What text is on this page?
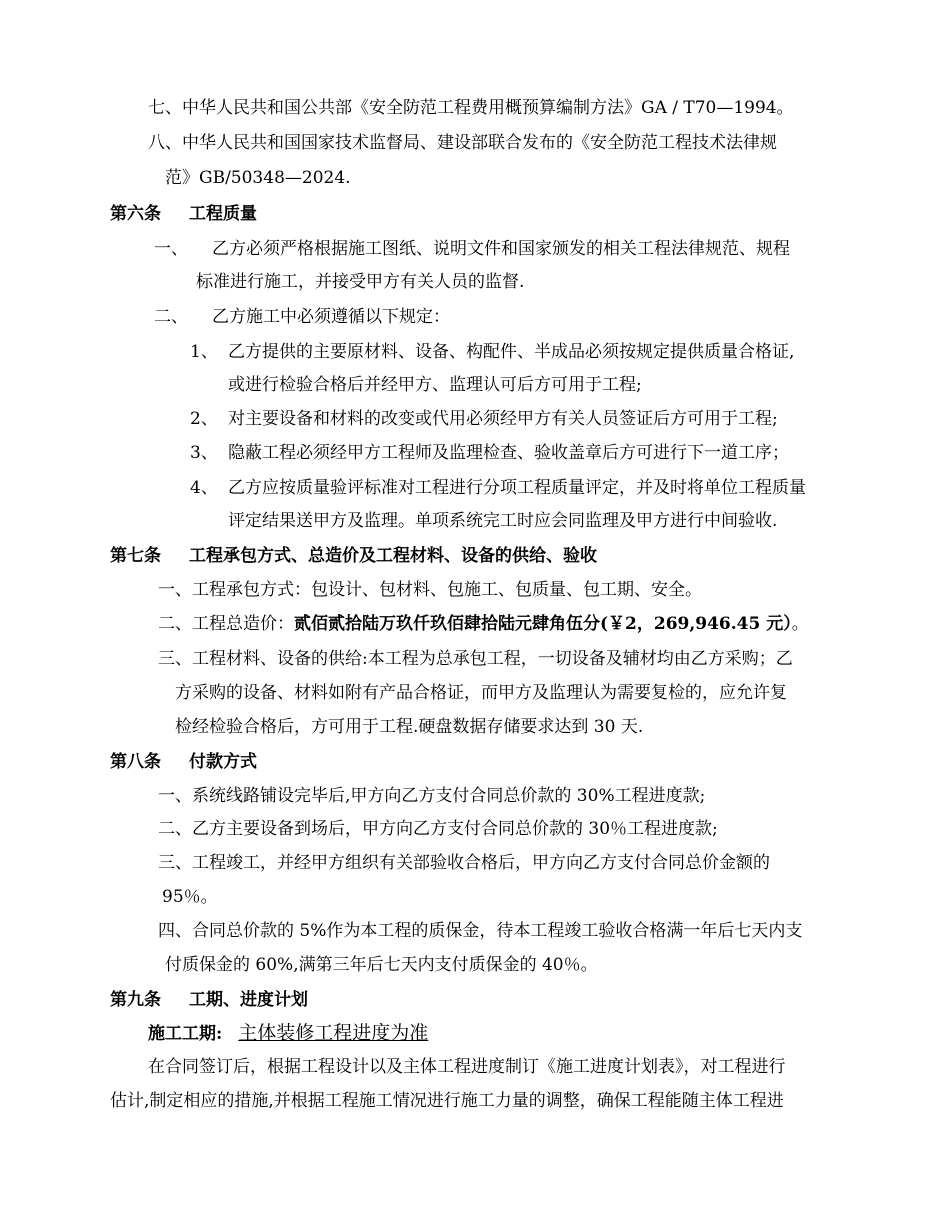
七、中华人民共和国公共部《安全防范工程费用概预算编制方法》GA / T70—1994。
八、中华人民共和国国家技术监督局、建设部联合发布的《安全防范工程技术法律规
范》GB/50348—2024.
第六条 工程质量
一、 乙方必须严格根据施工图纸、说明文件和国家颁发的相关工程法律规范、规程
标准进行施工，并接受甲方有关人员的监督.
二、 乙方施工中必须遵循以下规定：
1、 乙方提供的主要原材料、设备、构配件、半成品必须按规定提供质量合格证,
或进行检验合格后并经甲方、监理认可后方可用于工程;
2、 对主要设备和材料的改变或代用必须经甲方有关人员签证后方可用于工程;
3、 隐蔽工程必须经甲方工程师及监理检查、验收盖章后方可进行下一道工序；
4、 乙方应按质量验评标准对工程进行分项工程质量评定，并及时将单位工程质量
评定结果送甲方及监理。单项系统完工时应会同监理及甲方进行中间验收.
第七条 工程承包方式、总造价及工程材料、设备的供给、验收
一、工程承包方式：包设计、包材料、包施工、包质量、包工期、安全。
二、工程总造价：贰佰贰拾陆万玖仟玖佰肆拾陆元肆角伍分(￥2，269,946.45 元）。
三、工程材料、设备的供给:本工程为总承包工程，一切设备及辅材均由乙方采购；乙
方采购的设备、材料如附有产品合格证，而甲方及监理认为需要复检的，应允许复
检经检验合格后，方可用于工程.硬盘数据存储要求达到 30 天.
第八条 付款方式
一、系统线路铺设完毕后,甲方向乙方支付合同总价款的 30%工程进度款;
二、乙方主要设备到场后，甲方向乙方支付合同总价款的 30％工程进度款;
三、工程竣工，并经甲方组织有关部验收合格后，甲方向乙方支付合同总价金额的
95％。
四、合同总价款的 5%作为本工程的质保金，待本工程竣工验收合格满一年后七天内支
付质保金的 60%,满第三年后七天内支付质保金的 40％。
第九条 工期、进度计划
施工工期: 主体装修工程进度为准
在合同签订后，根据工程设计以及主体工程进度制订《施工进度计划表》，对工程进行
估计,制定相应的措施,并根据工程施工情况进行施工力量的调整，确保工程能随主体工程进
